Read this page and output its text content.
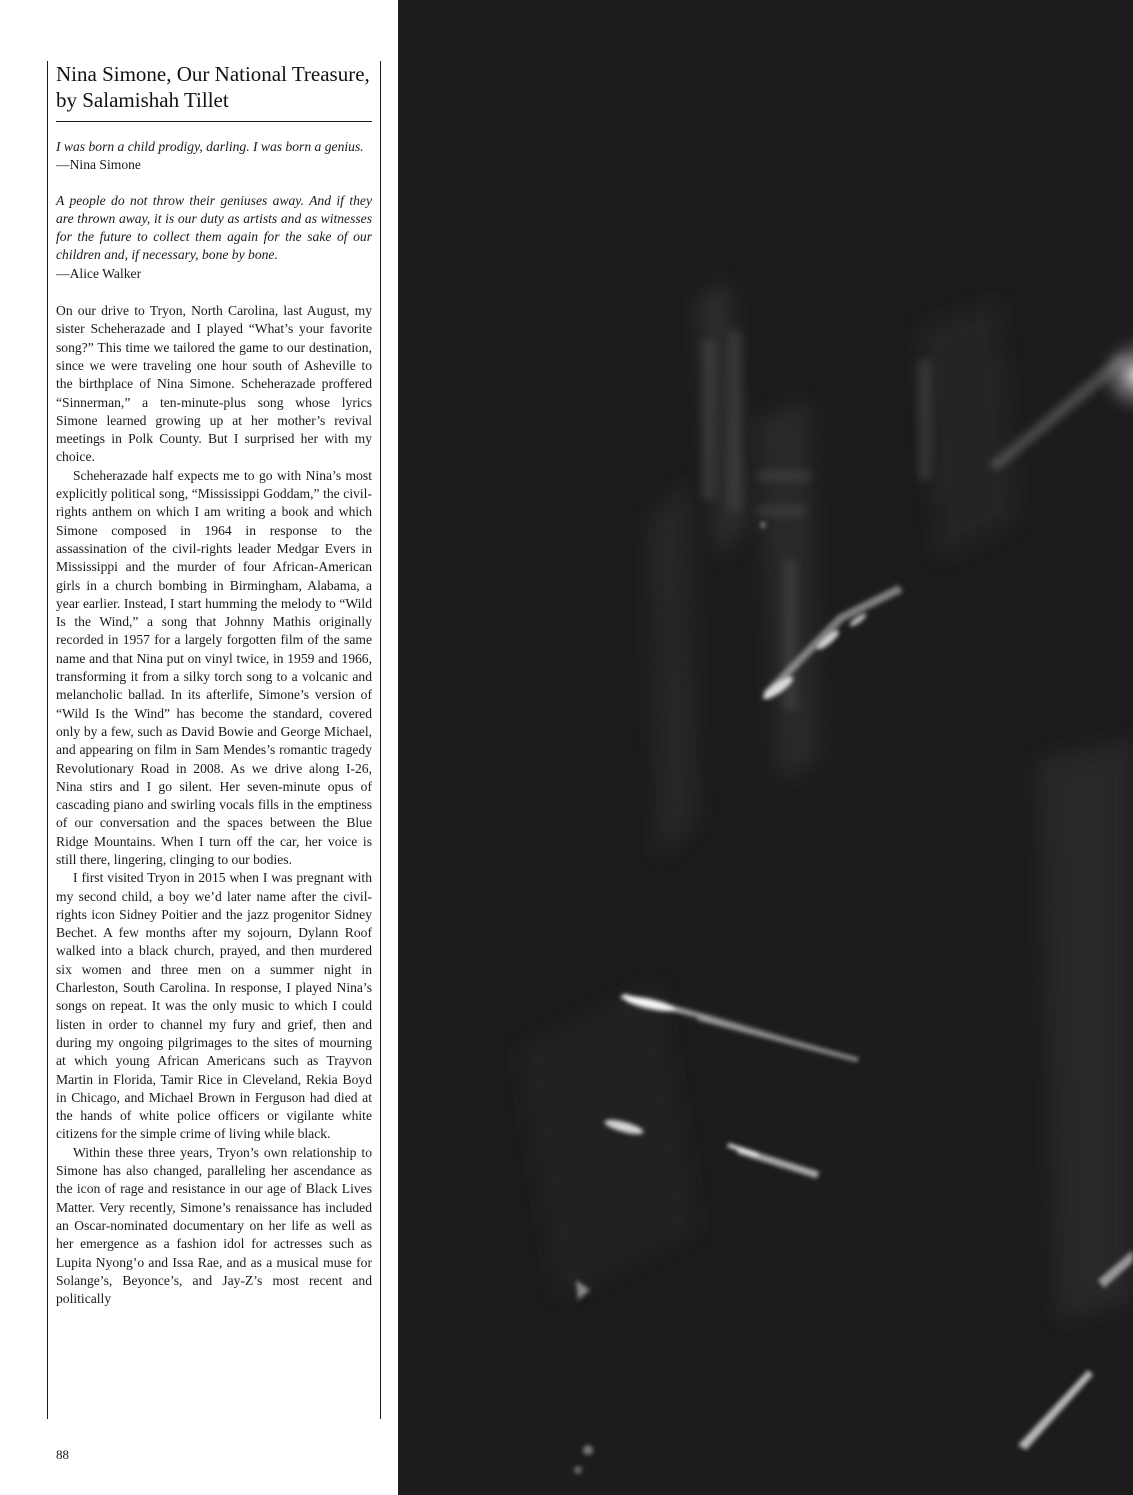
Nina Simone, Our National Treasure, by Salamishah Tillet
I was born a child prodigy, darling. I was born a genius.
—Nina Simone
A people do not throw their geniuses away. And if they are thrown away, it is our duty as artists and as witnesses for the future to collect them again for the sake of our children and, if necessary, bone by bone.
—Alice Walker

On our drive to Tryon, North Carolina, last August, my sister Scheherazade and I played “What’s your favorite song?” This time we tailored the game to our destination, since we were traveling one hour south of Asheville to the birthplace of Nina Simone. Scheherazade proffered “Sinnerman,” a ten-minute-plus song whose lyrics Simone learned growing up at her mother’s revival meetings in Polk County. But I surprised her with my choice.

Scheherazade half expects me to go with Nina’s most explicitly political song, “Mississippi Goddam,” the civil-rights anthem on which I am writing a book and which Simone composed in 1964 in response to the assassination of the civil-rights leader Medgar Evers in Mississippi and the murder of four African-American girls in a church bombing in Birmingham, Alabama, a year earlier. Instead, I start humming the melody to “Wild Is the Wind,” a song that Johnny Mathis originally recorded in 1957 for a largely forgotten film of the same name and that Nina put on vinyl twice, in 1959 and 1966, transforming it from a silky torch song to a volcanic and melancholic ballad. In its afterlife, Simone’s version of “Wild Is the Wind” has become the standard, covered only by a few, such as David Bowie and George Michael, and appearing on film in Sam Mendes’s romantic tragedy Revolutionary Road in 2008. As we drive along I-26, Nina stirs and I go silent. Her seven-minute opus of cascading piano and swirling vocals fills in the emptiness of our conversation and the spaces between the Blue Ridge Mountains. When I turn off the car, her voice is still there, lingering, clinging to our bodies.

I first visited Tryon in 2015 when I was pregnant with my second child, a boy we’d later name after the civil-rights icon Sidney Poitier and the jazz progenitor Sidney Bechet. A few months after my sojourn, Dylann Roof walked into a black church, prayed, and then murdered six women and three men on a summer night in Charleston, South Carolina. In response, I played Nina’s songs on repeat. It was the only music to which I could listen in order to channel my fury and grief, then and during my ongoing pilgrimages to the sites of mourning at which young African Americans such as Trayvon Martin in Florida, Tamir Rice in Cleveland, Rekia Boyd in Chicago, and Michael Brown in Ferguson had died at the hands of white police officers or vigilante white citizens for the simple crime of living while black.

Within these three years, Tryon’s own relationship to Simone has also changed, paralleling her ascendance as the icon of rage and resistance in our age of Black Lives Matter. Very recently, Simone’s renaissance has included an Oscar-nominated documentary on her life as well as her emergence as a fashion idol for actresses such as Lupita Nyong’o and Issa Rae, and as a musical muse for Solange’s, Beyonce’s, and Jay-Z’s most recent and politically

88
